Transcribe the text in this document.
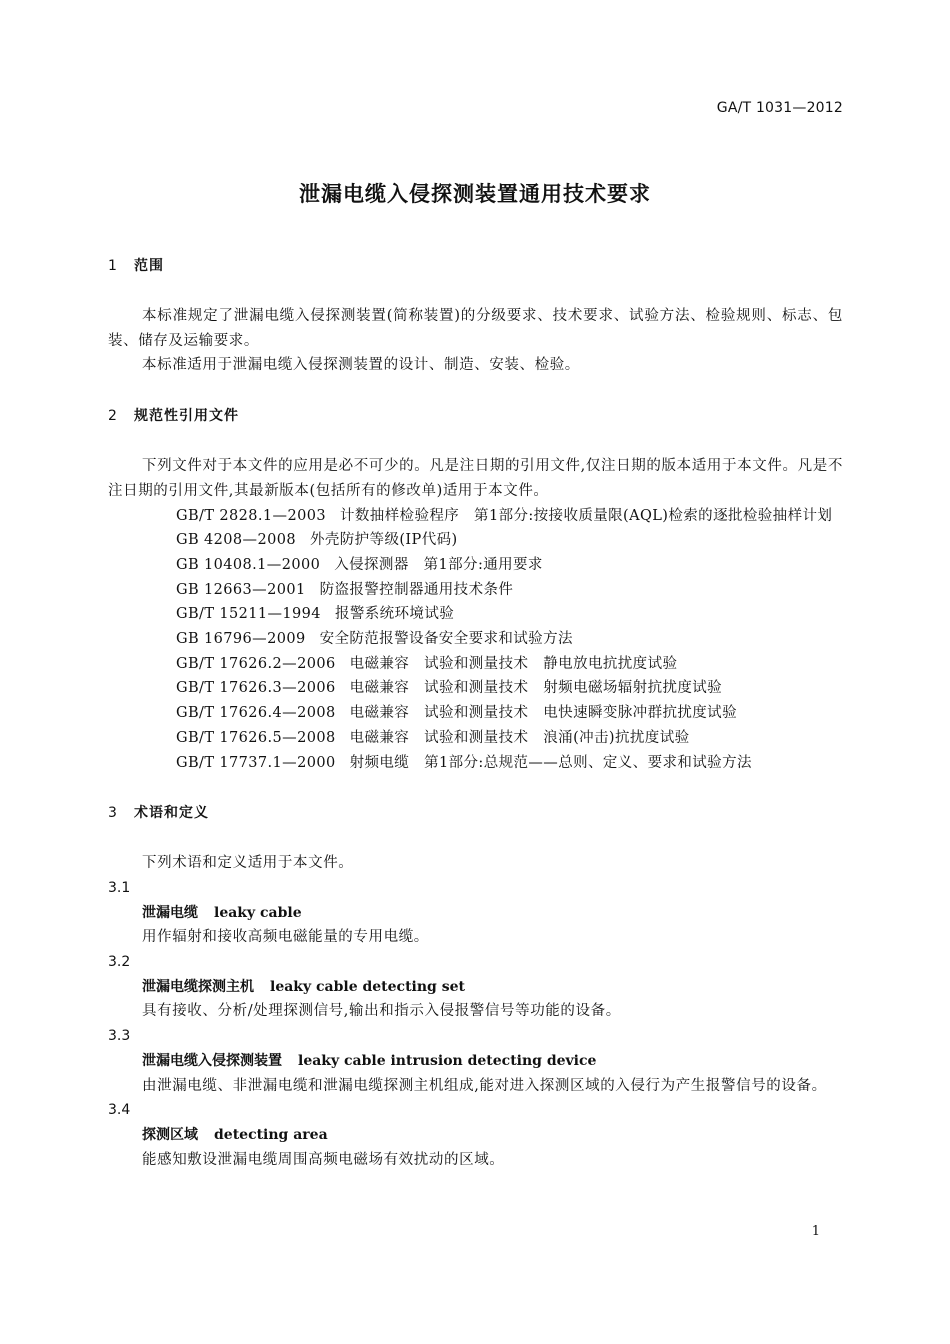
GA/T 1031—2012
泄漏电缆入侵探测装置通用技术要求
1 范围

本标准规定了泄漏电缆入侵探测装置(简称装置)的分级要求、技术要求、试验方法、检验规则、标志、包装、储存及运输要求。

本标准适用于泄漏电缆入侵探测装置的设计、制造、安装、检验。

2 规范性引用文件

下列文件对于本文件的应用是必不可少的。凡是注日期的引用文件,仅注日期的版本适用于本文件。凡是不注日期的引用文件,其最新版本(包括所有的修改单)适用于本文件。

GB/T 2828.1—2003 计数抽样检验程序　第1部分:按接收质量限(AQL)检索的逐批检验抽样计划

GB 4208—2008 外壳防护等级(IP代码)

GB 10408.1—2000 入侵探测器　第1部分:通用要求

GB 12663—2001 防盗报警控制器通用技术条件

GB/T 15211—1994 报警系统环境试验

GB 16796—2009 安全防范报警设备安全要求和试验方法

GB/T 17626.2—2006 电磁兼容　试验和测量技术　静电放电抗扰度试验

GB/T 17626.3—2006 电磁兼容　试验和测量技术　射频电磁场辐射抗扰度试验

GB/T 17626.4—2008 电磁兼容　试验和测量技术　电快速瞬变脉冲群抗扰度试验

GB/T 17626.5—2008 电磁兼容　试验和测量技术　浪涌(冲击)抗扰度试验

GB/T 17737.1—2000 射频电缆　第1部分:总规范——总则、定义、要求和试验方法

3 术语和定义

下列术语和定义适用于本文件。

3.1
泄漏电缆 leaky cable

用作辐射和接收高频电磁能量的专用电缆。

3.2
泄漏电缆探测主机 leaky cable detecting set

具有接收、分析/处理探测信号,输出和指示入侵报警信号等功能的设备。

3.3
泄漏电缆入侵探测装置 leaky cable intrusion detecting device

由泄漏电缆、非泄漏电缆和泄漏电缆探测主机组成,能对进入探测区域的入侵行为产生报警信号的设备。

3.4
探测区域 detecting area

能感知敷设泄漏电缆周围高频电磁场有效扰动的区域。

1
